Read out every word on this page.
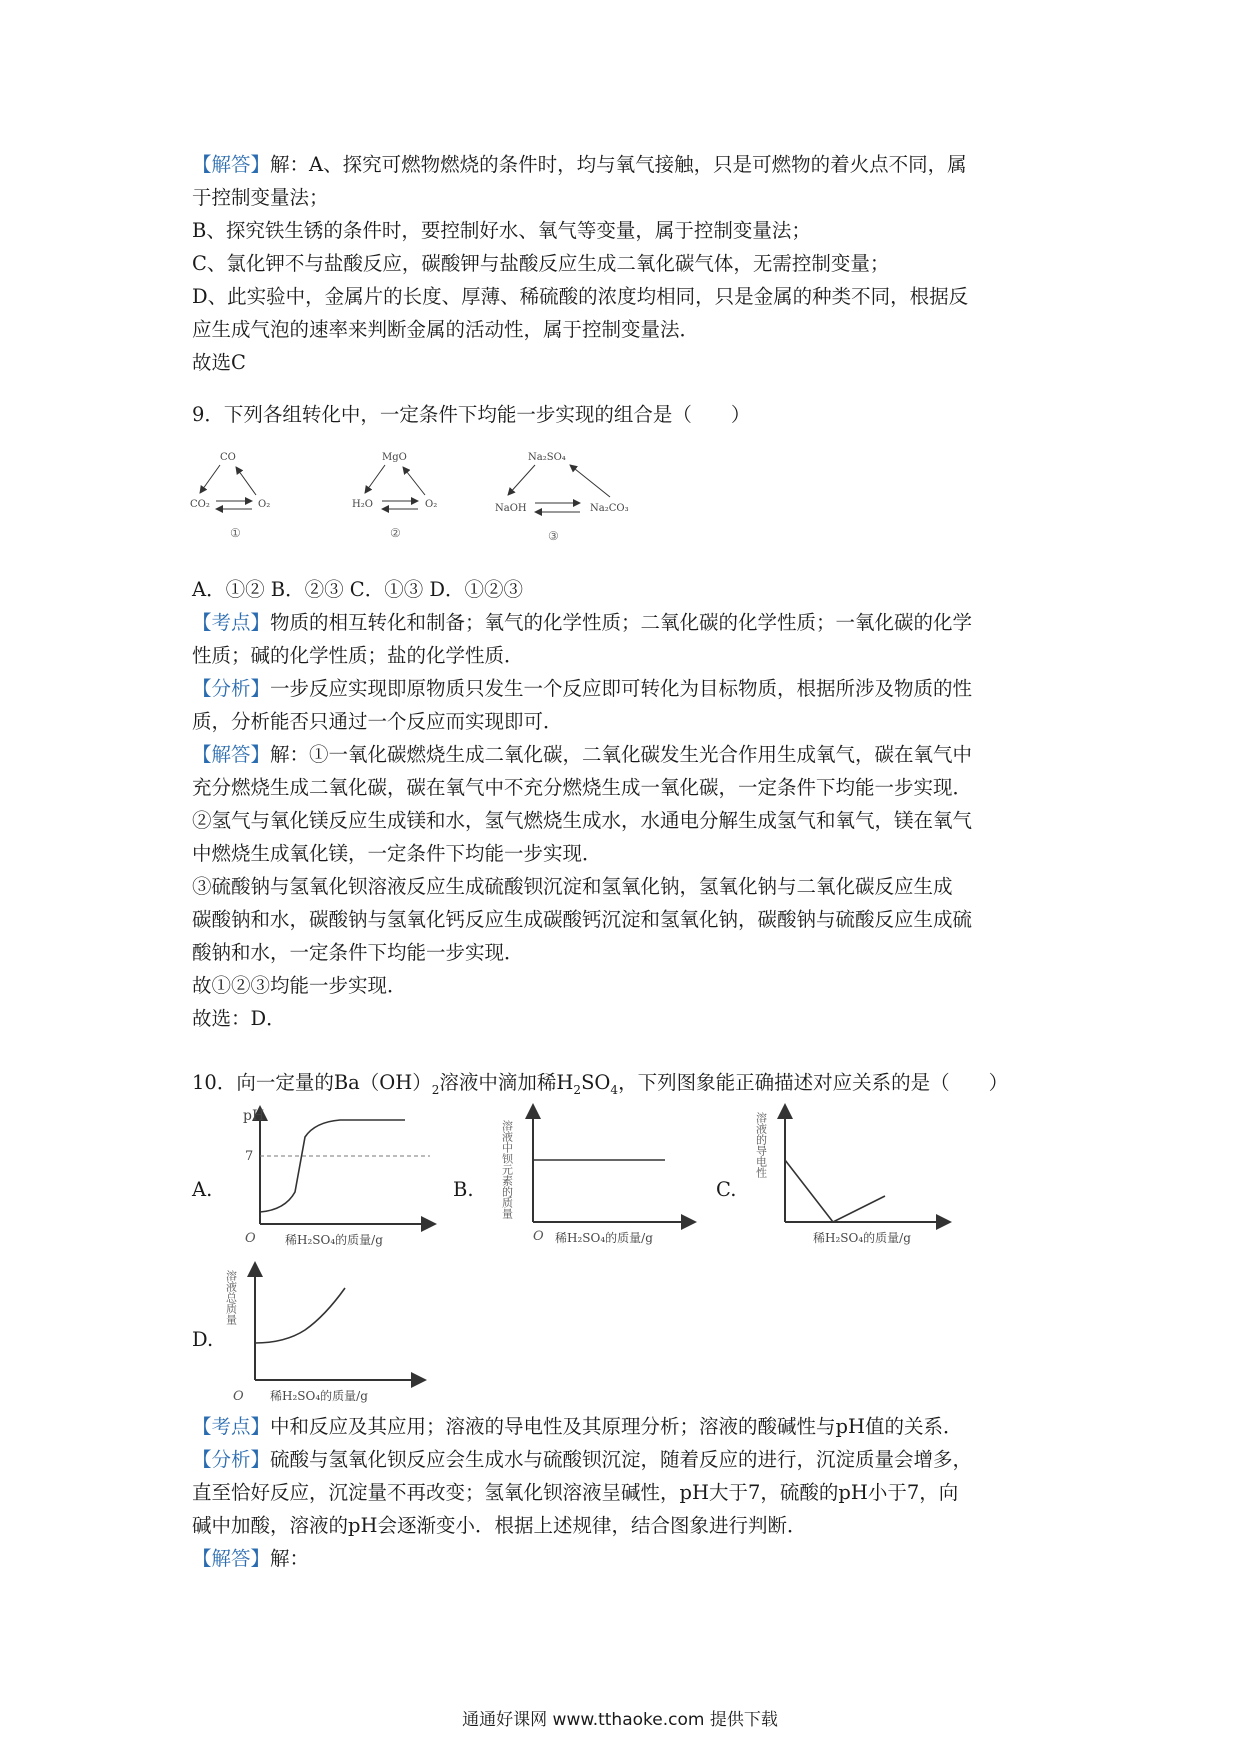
【解答】解：A、探究可燃物燃烧的条件时，均与氧气接触，只是可燃物的着火点不同，属
于控制变量法；
B、探究铁生锈的条件时，要控制好水、氧气等变量，属于控制变量法；
C、氯化钾不与盐酸反应，碳酸钾与盐酸反应生成二氧化碳气体，无需控制变量；
D、此实验中，金属片的长度、厚薄、稀硫酸的浓度均相同，只是金属的种类不同，根据反
应生成气泡的速率来判断金属的活动性，属于控制变量法．
故选C
9．下列各组转化中，一定条件下均能一步实现的组合是（　　）
CO
CO₂	O₂
①
MgO
H₂O	O₂
②
Na₂SO₄
NaOH	Na₂CO₃
③
A．①② B．②③ C．①③ D．①②③
【考点】物质的相互转化和制备；氧气的化学性质；二氧化碳的化学性质；一氧化碳的化学
性质；碱的化学性质；盐的化学性质．
【分析】一步反应实现即原物质只发生一个反应即可转化为目标物质，根据所涉及物质的性
质，分析能否只通过一个反应而实现即可．
【解答】解：①一氧化碳燃烧生成二氧化碳，二氧化碳发生光合作用生成氧气，碳在氧气中
充分燃烧生成二氧化碳，碳在氧气中不充分燃烧生成一氧化碳，一定条件下均能一步实现．
②氢气与氧化镁反应生成镁和水，氢气燃烧生成水，水通电分解生成氢气和氧气，镁在氧气
中燃烧生成氧化镁，一定条件下均能一步实现．
③硫酸钠与氢氧化钡溶液反应生成硫酸钡沉淀和氢氧化钠，氢氧化钠与二氧化碳反应生成
碳酸钠和水，碳酸钠与氢氧化钙反应生成碳酸钙沉淀和氢氧化钠，碳酸钠与硫酸反应生成硫
酸钠和水，一定条件下均能一步实现．
故①②③均能一步实现．
故选：D．
10．向一定量的$Ba(OH)_2$溶液中滴加稀$H_2SO_4$，下列图象能正确描述对应关系的是（　　）
A.
pH
7
O 稀H₂SO₄的质量/g
B. 溶液中钡元素的质量
O 稀H₂SO₄的质量/g
C.
溶液的导电性
稀H₂SO₄的质量/g
D.
溶液总质量
O 稀H₂SO₄的质量/g
【考点】中和反应及其应用；溶液的导电性及其原理分析；溶液的酸碱性与pH值的关系．
【分析】硫酸与氢氧化钡反应会生成水与硫酸钡沉淀，随着反应的进行，沉淀质量会增多，
直至恰好反应，沉淀量不再改变；氢氧化钡溶液呈碱性，pH大于7，硫酸的pH小于7，向
碱中加酸，溶液的pH会逐渐变小．根据上述规律，结合图象进行判断．
【解答】解：
通通好课网 www.tthaoke.com 提供下载
